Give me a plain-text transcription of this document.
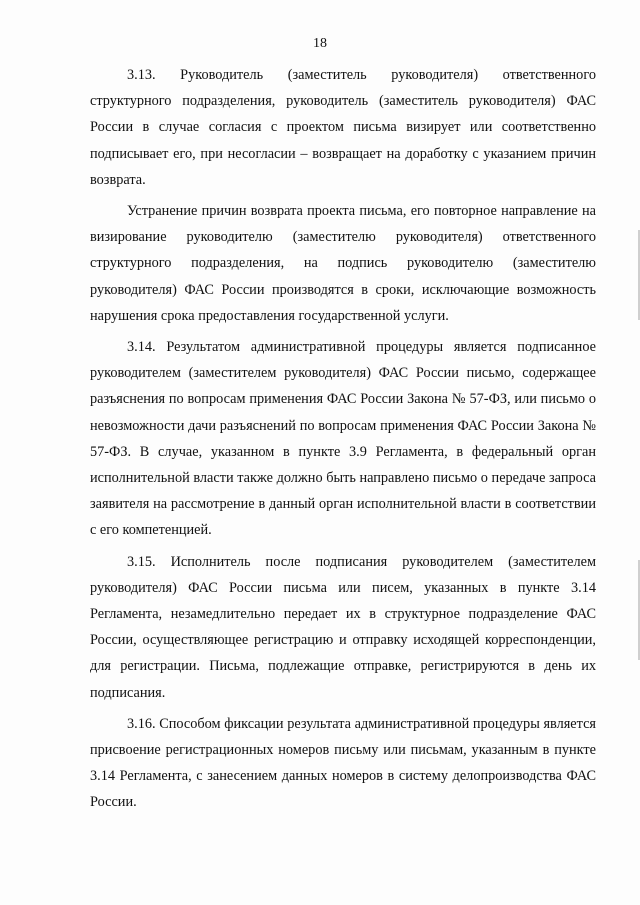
18

3.13. Руководитель (заместитель руководителя) ответственного структурного подразделения, руководитель (заместитель руководителя) ФАС России в случае согласия с проектом письма визирует или соответственно подписывает его, при несогласии – возвращает на доработку с указанием причин возврата.

Устранение причин возврата проекта письма, его повторное направление на визирование руководителю (заместителю руководителя) ответственного структурного подразделения, на подпись руководителю (заместителю руководителя) ФАС России производятся в сроки, исключающие возможность нарушения срока предоставления государственной услуги.

3.14. Результатом административной процедуры является подписанное руководителем (заместителем руководителя) ФАС России письмо, содержащее разъяснения по вопросам применения ФАС России Закона № 57-ФЗ, или письмо о невозможности дачи разъяснений по вопросам применения ФАС России Закона № 57-ФЗ. В случае, указанном в пункте 3.9 Регламента, в федеральный орган исполнительной власти также должно быть направлено письмо о передаче запроса заявителя на рассмотрение в данный орган исполнительной власти в соответствии с его компетенцией.

3.15. Исполнитель после подписания руководителем (заместителем руководителя) ФАС России письма или писем, указанных в пункте 3.14 Регламента, незамедлительно передает их в структурное подразделение ФАС России, осуществляющее регистрацию и отправку исходящей корреспонденции, для регистрации. Письма, подлежащие отправке, регистрируются в день их подписания.

3.16. Способом фиксации результата административной процедуры является присвоение регистрационных номеров письму или письмам, указанным в пункте 3.14 Регламента, с занесением данных номеров в систему делопроизводства ФАС России.
